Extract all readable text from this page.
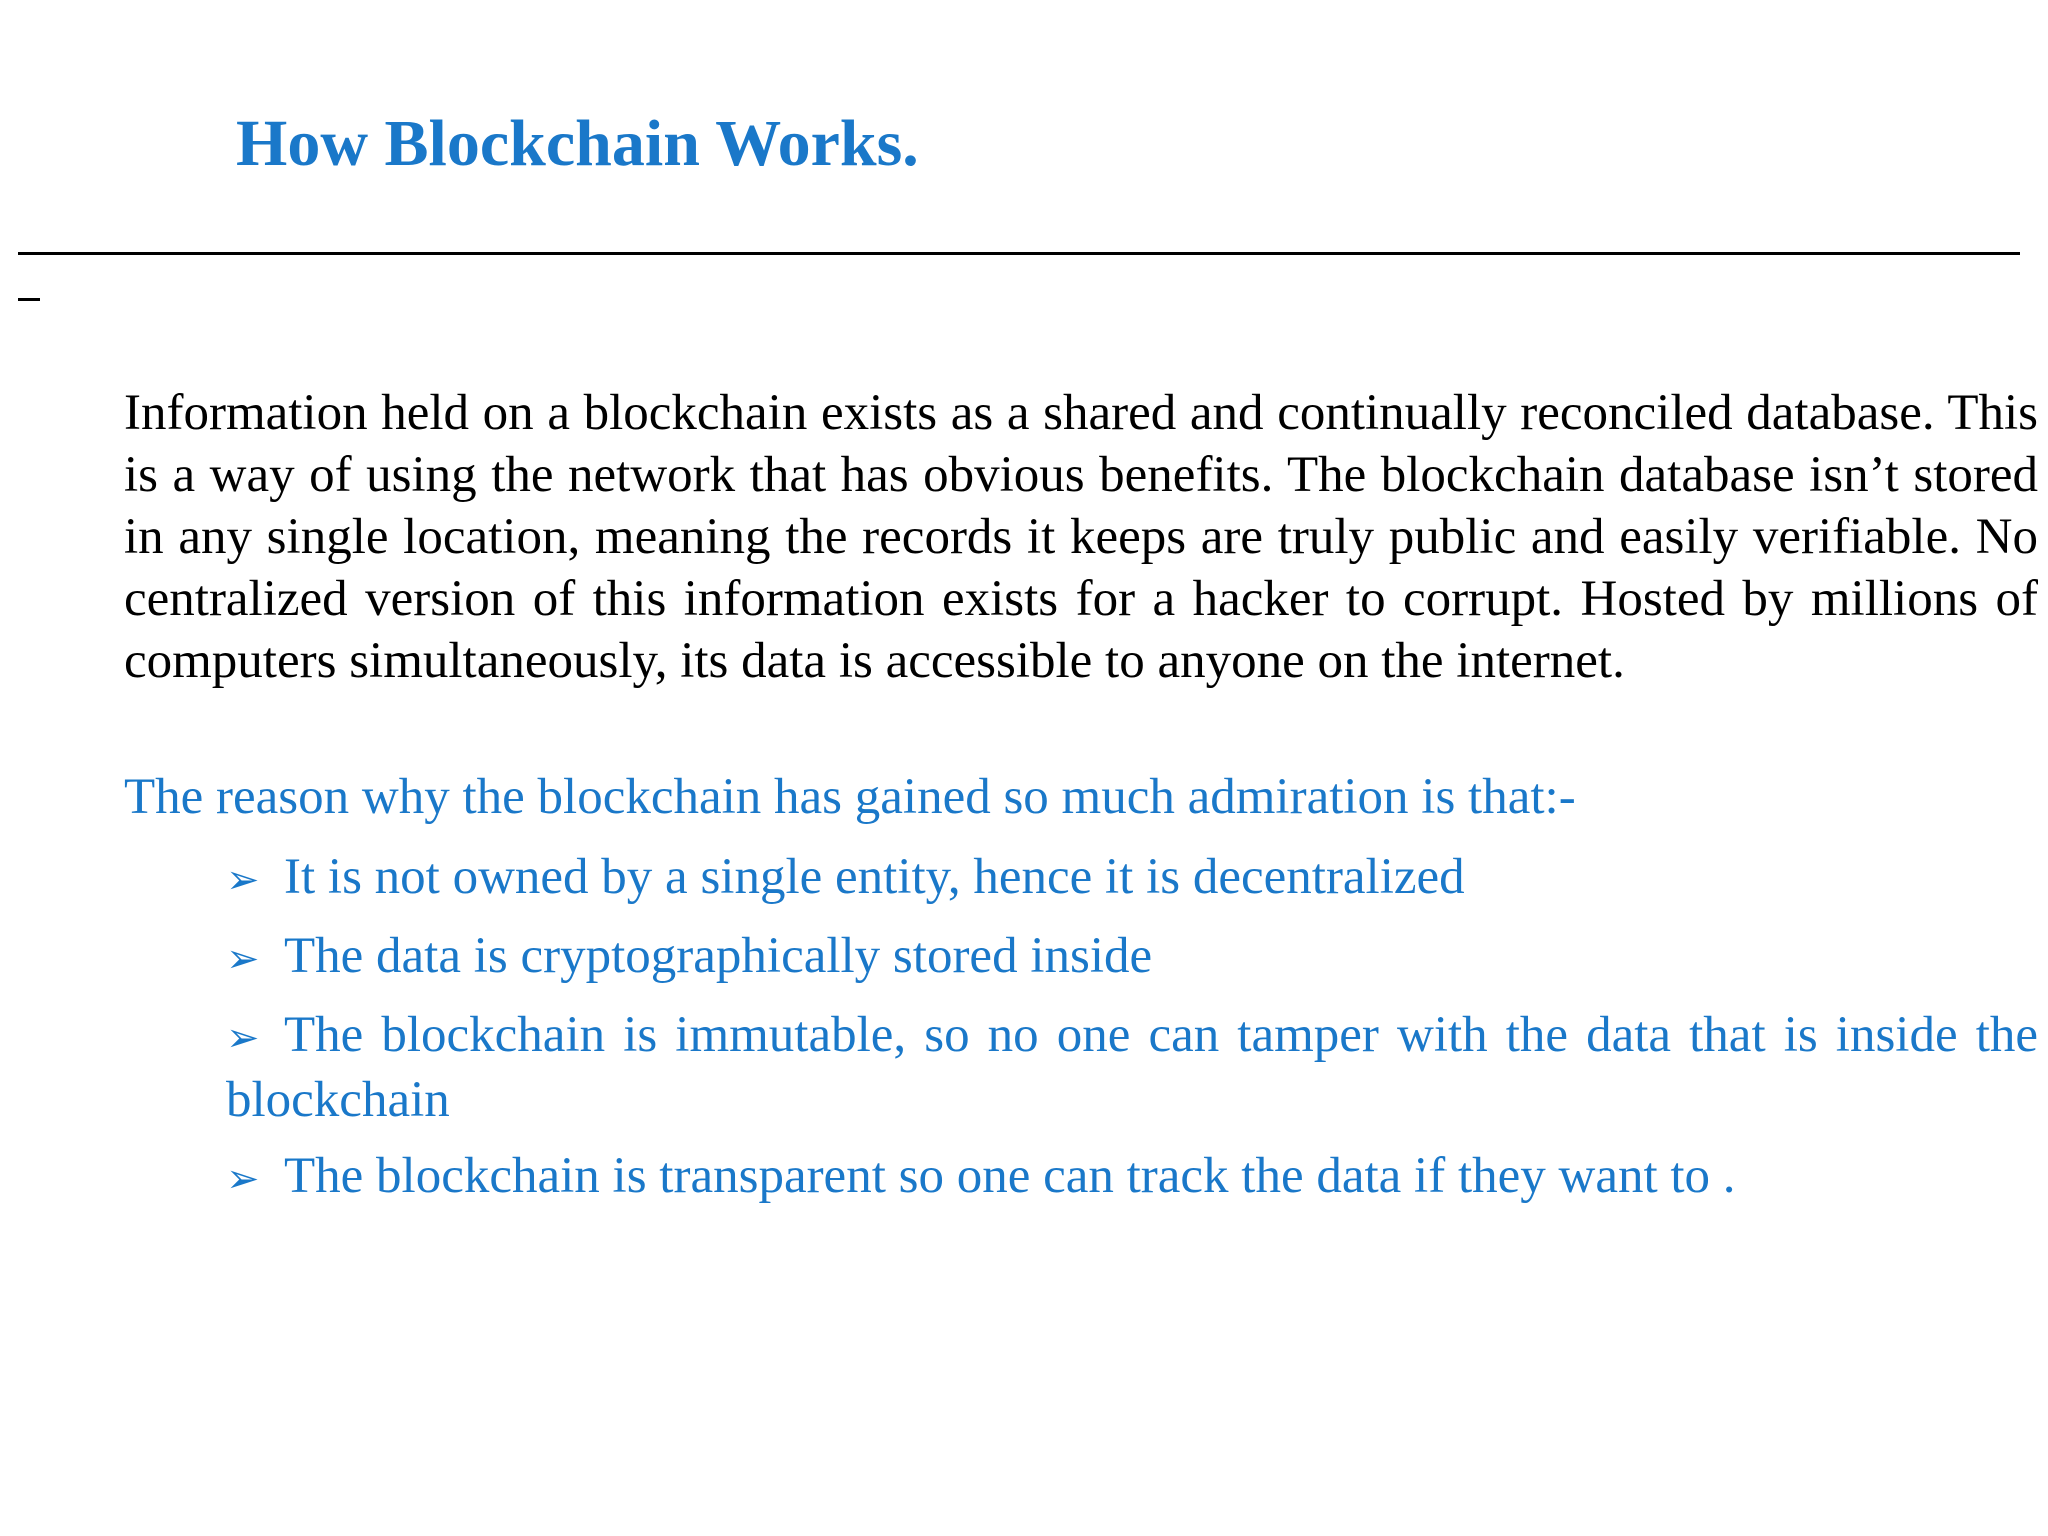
How Blockchain Works.

Information held on a blockchain exists as a shared and continually reconciled database. This is a way of using the network that has obvious benefits. The blockchain database isn’t stored in any single location, meaning the records it keeps are truly public and easily verifiable. No centralized version of this information exists for a hacker to corrupt. Hosted by millions of computers simultaneously, its data is accessible to anyone on the internet.

The reason why the blockchain has gained so much admiration is that:-

➢ It is not owned by a single entity, hence it is decentralized
➢ The data is cryptographically stored inside
➢ The blockchain is immutable, so no one can tamper with the data that is inside the blockchain
➢ The blockchain is transparent so one can track the data if they want to .
